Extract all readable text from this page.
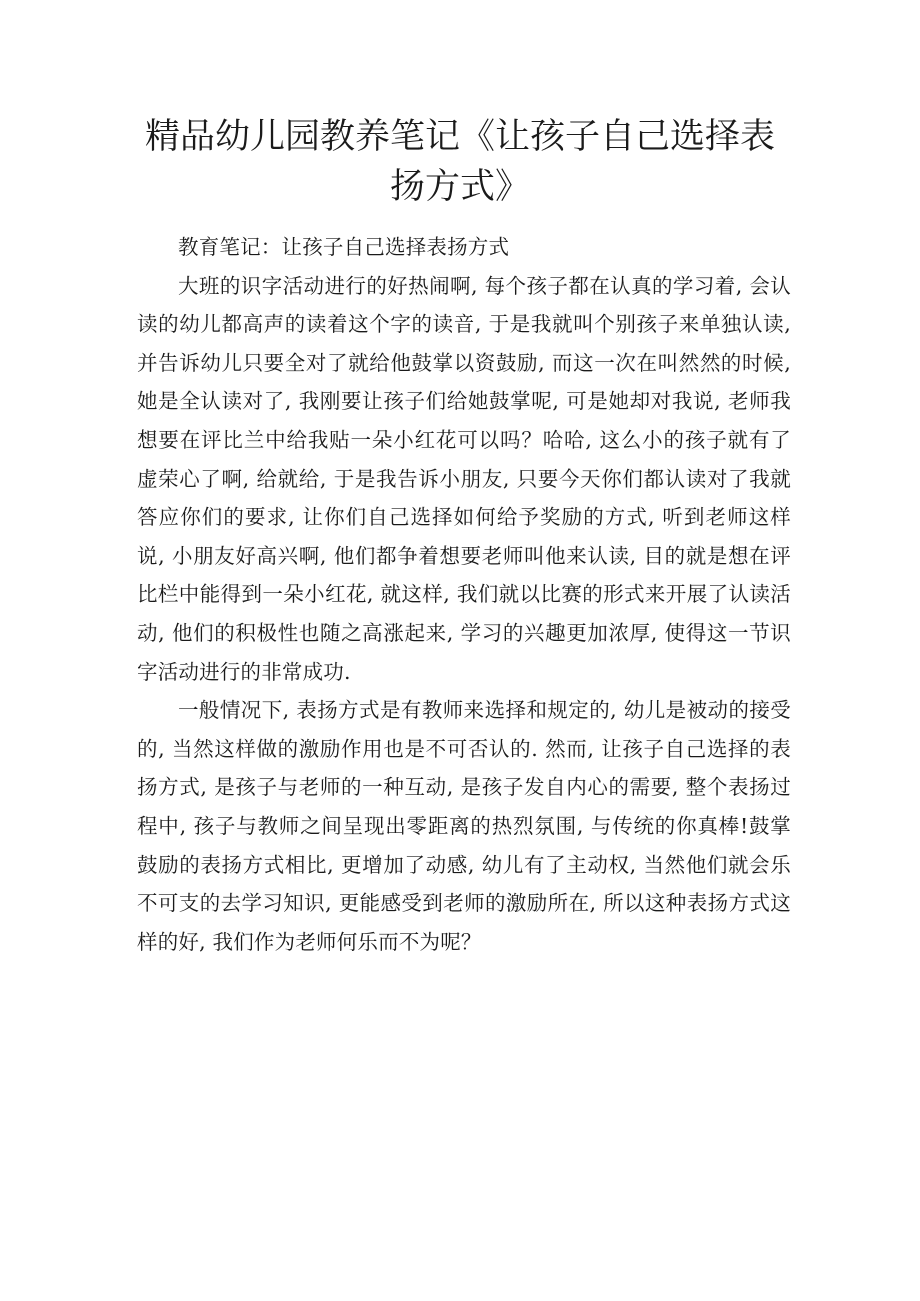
精品幼儿园教养笔记《让孩子自己选择表扬方式》

教育笔记：让孩子自己选择表扬方式

大班的识字活动进行的好热闹啊, 每个孩子都在认真的学习着, 会认读的幼儿都高声的读着这个字的读音, 于是我就叫个别孩子来单独认读, 并告诉幼儿只要全对了就给他鼓掌以资鼓励, 而这一次在叫然然的时候, 她是全认读对了, 我刚要让孩子们给她鼓掌呢, 可是她却对我说, 老师我想要在评比兰中给我贴一朵小红花可以吗？哈哈, 这么小的孩子就有了虚荣心了啊, 给就给, 于是我告诉小朋友, 只要今天你们都认读对了我就答应你们的要求, 让你们自己选择如何给予奖励的方式, 听到老师这样说, 小朋友好高兴啊, 他们都争着想要老师叫他来认读, 目的就是想在评比栏中能得到一朵小红花, 就这样, 我们就以比赛的形式来开展了认读活动, 他们的积极性也随之高涨起来, 学习的兴趣更加浓厚, 使得这一节识字活动进行的非常成功.

一般情况下, 表扬方式是有教师来选择和规定的, 幼儿是被动的接受的, 当然这样做的激励作用也是不可否认的. 然而, 让孩子自己选择的表扬方式, 是孩子与老师的一种互动, 是孩子发自内心的需要, 整个表扬过程中, 孩子与教师之间呈现出零距离的热烈氛围, 与传统的你真棒!鼓掌鼓励的表扬方式相比, 更增加了动感, 幼儿有了主动权, 当然他们就会乐不可支的去学习知识, 更能感受到老师的激励所在, 所以这种表扬方式这样的好, 我们作为老师何乐而不为呢？
